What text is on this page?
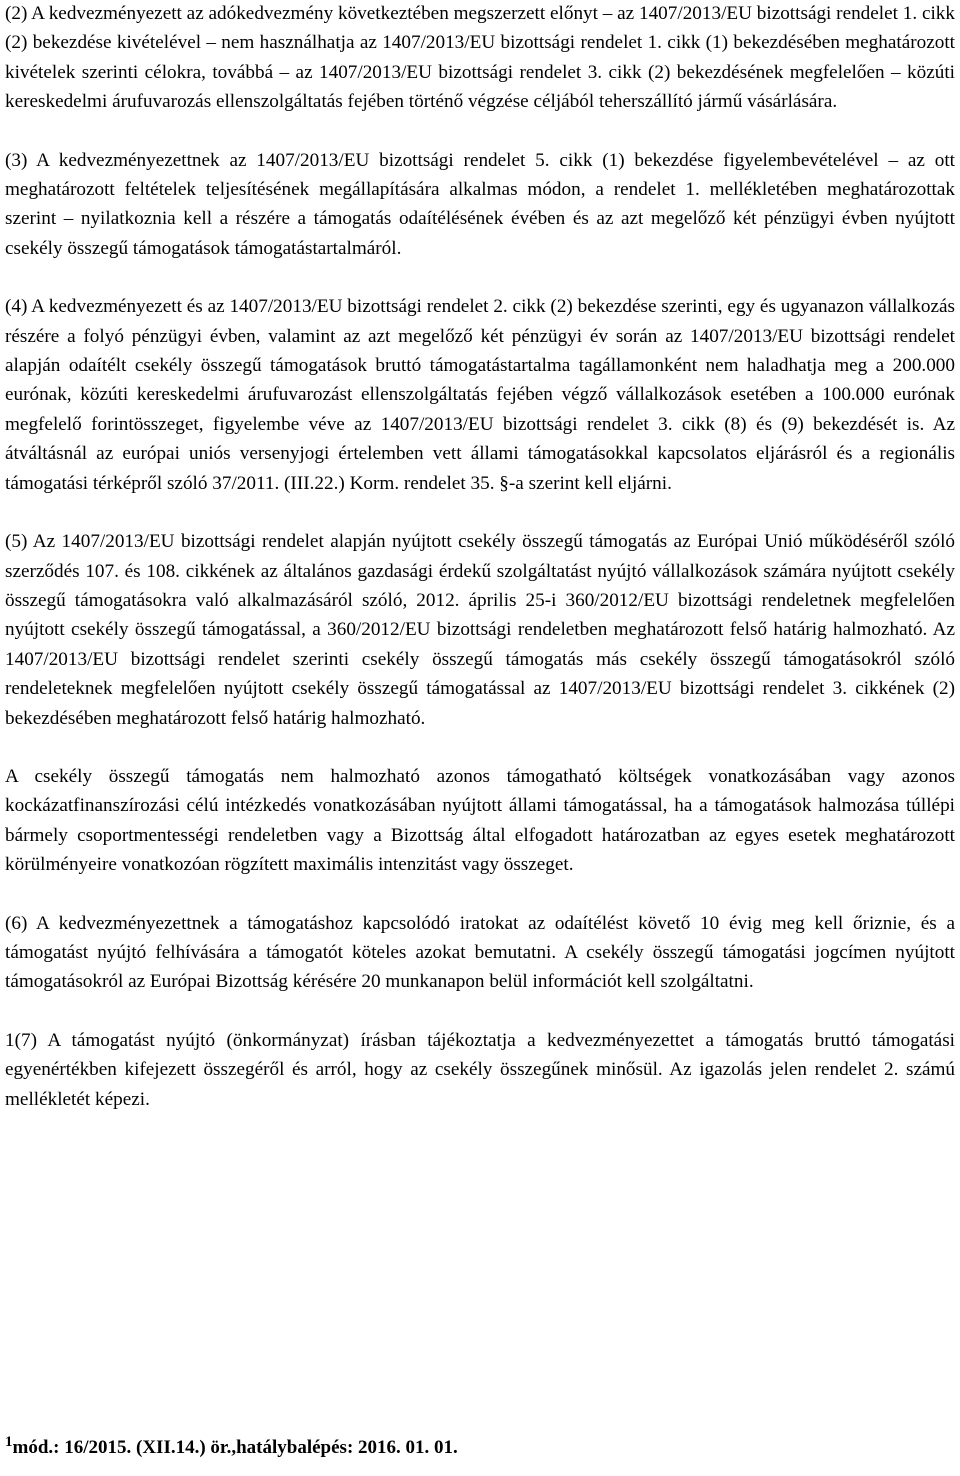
(2) A kedvezményezett az adókedvezmény következtében megszerzett előnyt – az 1407/2013/EU bizottsági rendelet 1. cikk (2) bekezdése kivételével – nem használhatja az 1407/2013/EU bizottsági rendelet 1. cikk (1) bekezdésében meghatározott kivételek szerinti célokra, továbbá – az 1407/2013/EU bizottsági rendelet 3. cikk (2) bekezdésének megfelelően – közúti kereskedelmi árufuvarozás ellenszolgáltatás fejében történő végzése céljából teherszállító jármű vásárlására.

(3) A kedvezményezettnek az 1407/2013/EU bizottsági rendelet 5. cikk (1) bekezdése figyelembevételével – az ott meghatározott feltételek teljesítésének megállapítására alkalmas módon, a rendelet 1. mellékletében meghatározottak szerint – nyilatkoznia kell a részére a támogatás odaítélésének évében és az azt megelőző két pénzügyi évben nyújtott csekély összegű támogatások támogatástartalmáról.

(4) A kedvezményezett és az 1407/2013/EU bizottsági rendelet 2. cikk (2) bekezdése szerinti, egy és ugyanazon vállalkozás részére a folyó pénzügyi évben, valamint az azt megelőző két pénzügyi év során az 1407/2013/EU bizottsági rendelet alapján odaítélt csekély összegű támogatások bruttó támogatástartalma tagállamonként nem haladhatja meg a 200.000 eurónak, közúti kereskedelmi árufuvarozást ellenszolgáltatás fejében végző vállalkozások esetében a 100.000 eurónak megfelelő forintösszeget, figyelembe véve az 1407/2013/EU bizottsági rendelet 3. cikk (8) és (9) bekezdését is. Az átváltásnál az európai uniós versenyjogi értelemben vett állami támogatásokkal kapcsolatos eljárásról és a regionális támogatási térképről szóló 37/2011. (III.22.) Korm. rendelet 35. §-a szerint kell eljárni.

(5) Az 1407/2013/EU bizottsági rendelet alapján nyújtott csekély összegű támogatás az Európai Unió működéséről szóló szerződés 107. és 108. cikkének az általános gazdasági érdekű szolgáltatást nyújtó vállalkozások számára nyújtott csekély összegű támogatásokra való alkalmazásáról szóló, 2012. április 25-i 360/2012/EU bizottsági rendeletnek megfelelően nyújtott csekély összegű támogatással, a 360/2012/EU bizottsági rendeletben meghatározott felső határig halmozható. Az 1407/2013/EU bizottsági rendelet szerinti csekély összegű támogatás más csekély összegű támogatásokról szóló rendeleteknek megfelelően nyújtott csekély összegű támogatással az 1407/2013/EU bizottsági rendelet 3. cikkének (2) bekezdésében meghatározott felső határig halmozható.

A csekély összegű támogatás nem halmozható azonos támogatható költségek vonatkozásában vagy azonos kockázatfinanszírozási célú intézkedés vonatkozásában nyújtott állami támogatással, ha a támogatások halmozása túllépi bármely csoportmentességi rendeletben vagy a Bizottság által elfogadott határozatban az egyes esetek meghatározott körülményeire vonatkozóan rögzített maximális intenzitást vagy összeget.

(6) A kedvezményezettnek a támogatáshoz kapcsolódó iratokat az odaítélést követő 10 évig meg kell őriznie, és a támogatást nyújtó felhívására a támogatót köteles azokat bemutatni. A csekély összegű támogatási jogcímen nyújtott támogatásokról az Európai Bizottság kérésére 20 munkanapon belül információt kell szolgáltatni.

1(7) A támogatást nyújtó (önkormányzat) írásban tájékoztatja a kedvezményezettet a támogatás bruttó támogatási egyenértékben kifejezett összegéről és arról, hogy az csekély összegűnek minősül. Az igazolás jelen rendelet 2. számú mellékletét képezi.

$^1$mód.: 16/2015. (XII.14.) ör.,hatálybalépés: 2016. 01. 01.
